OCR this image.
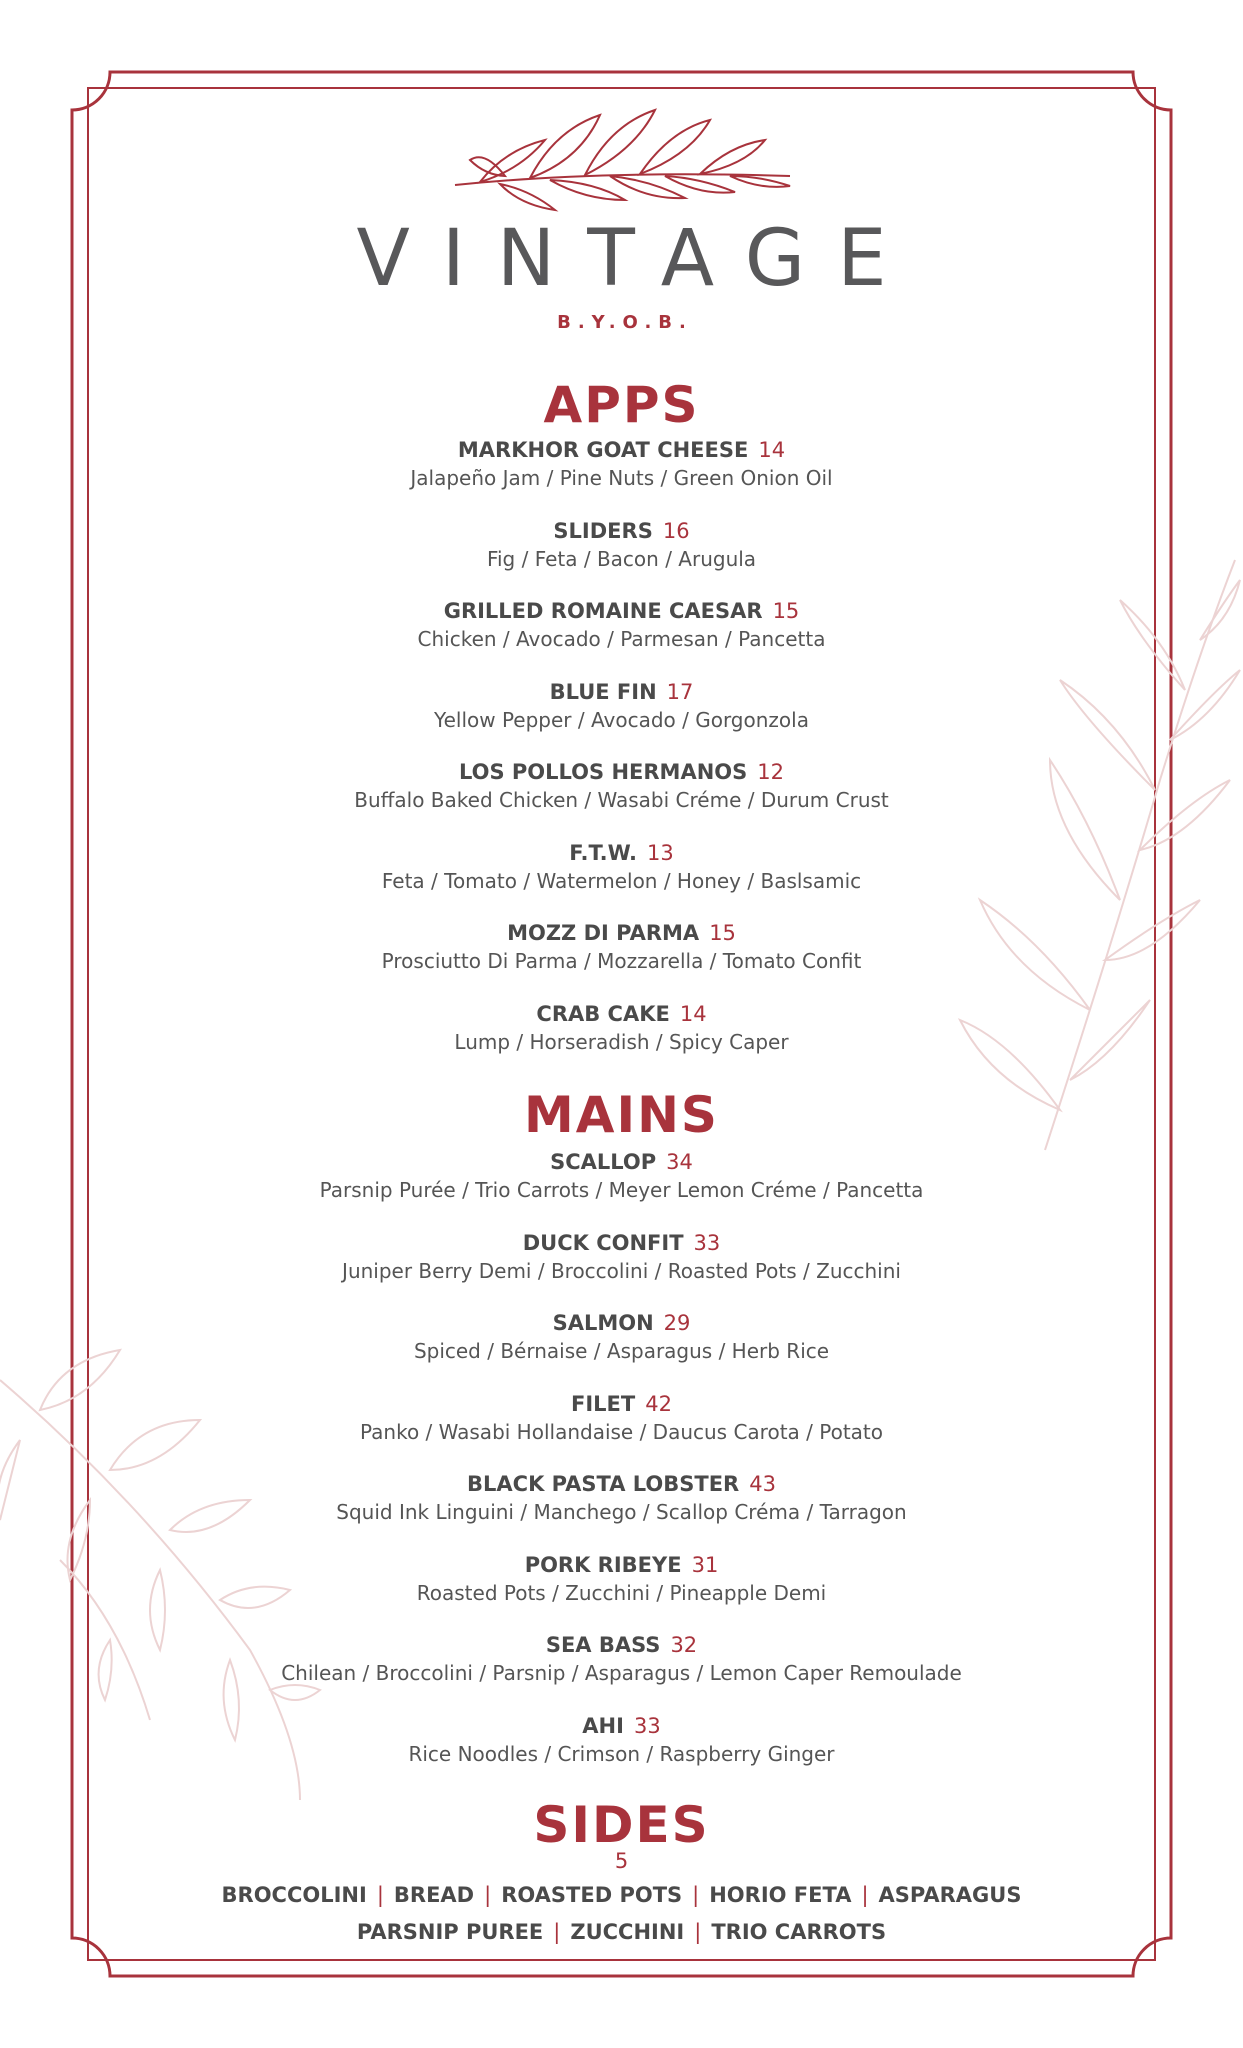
VINTAGE
B.Y.O.B.
APPS
MARKHOR GOAT CHEESE 14
Jalapeño Jam / Pine Nuts / Green Onion Oil
SLIDERS 16
Fig / Feta / Bacon / Arugula
GRILLED ROMAINE CAESAR 15
Chicken / Avocado / Parmesan / Pancetta
BLUE FIN 17
Yellow Pepper / Avocado / Gorgonzola
LOS POLLOS HERMANOS 12
Buffalo Baked Chicken / Wasabi Créme / Durum Crust
F.T.W. 13
Feta / Tomato / Watermelon / Honey / Baslsamic
MOZZ DI PARMA 15
Prosciutto Di Parma / Mozzarella / Tomato Confit
CRAB CAKE 14
Lump / Horseradish / Spicy Caper
MAINS
SCALLOP 34
Parsnip Purée / Trio Carrots / Meyer Lemon Créme / Pancetta
DUCK CONFIT 33
Juniper Berry Demi / Broccolini / Roasted Pots / Zucchini
SALMON 29
Spiced / Bérnaise / Asparagus / Herb Rice
FILET 42
Panko / Wasabi Hollandaise / Daucus Carota / Potato
BLACK PASTA LOBSTER 43
Squid Ink Linguini / Manchego / Scallop Créma / Tarragon
PORK RIBEYE 31
Roasted Pots / Zucchini / Pineapple Demi
SEA BASS 32
Chilean / Broccolini / Parsnip / Asparagus / Lemon Caper Remoulade
AHI 33
Rice Noodles / Crimson / Raspberry Ginger
SIDES
5
BROCCOLINI | BREAD | ROASTED POTS | HORIO FETA | ASPARAGUS
PARSNIP PUREE | ZUCCHINI | TRIO CARROTS
